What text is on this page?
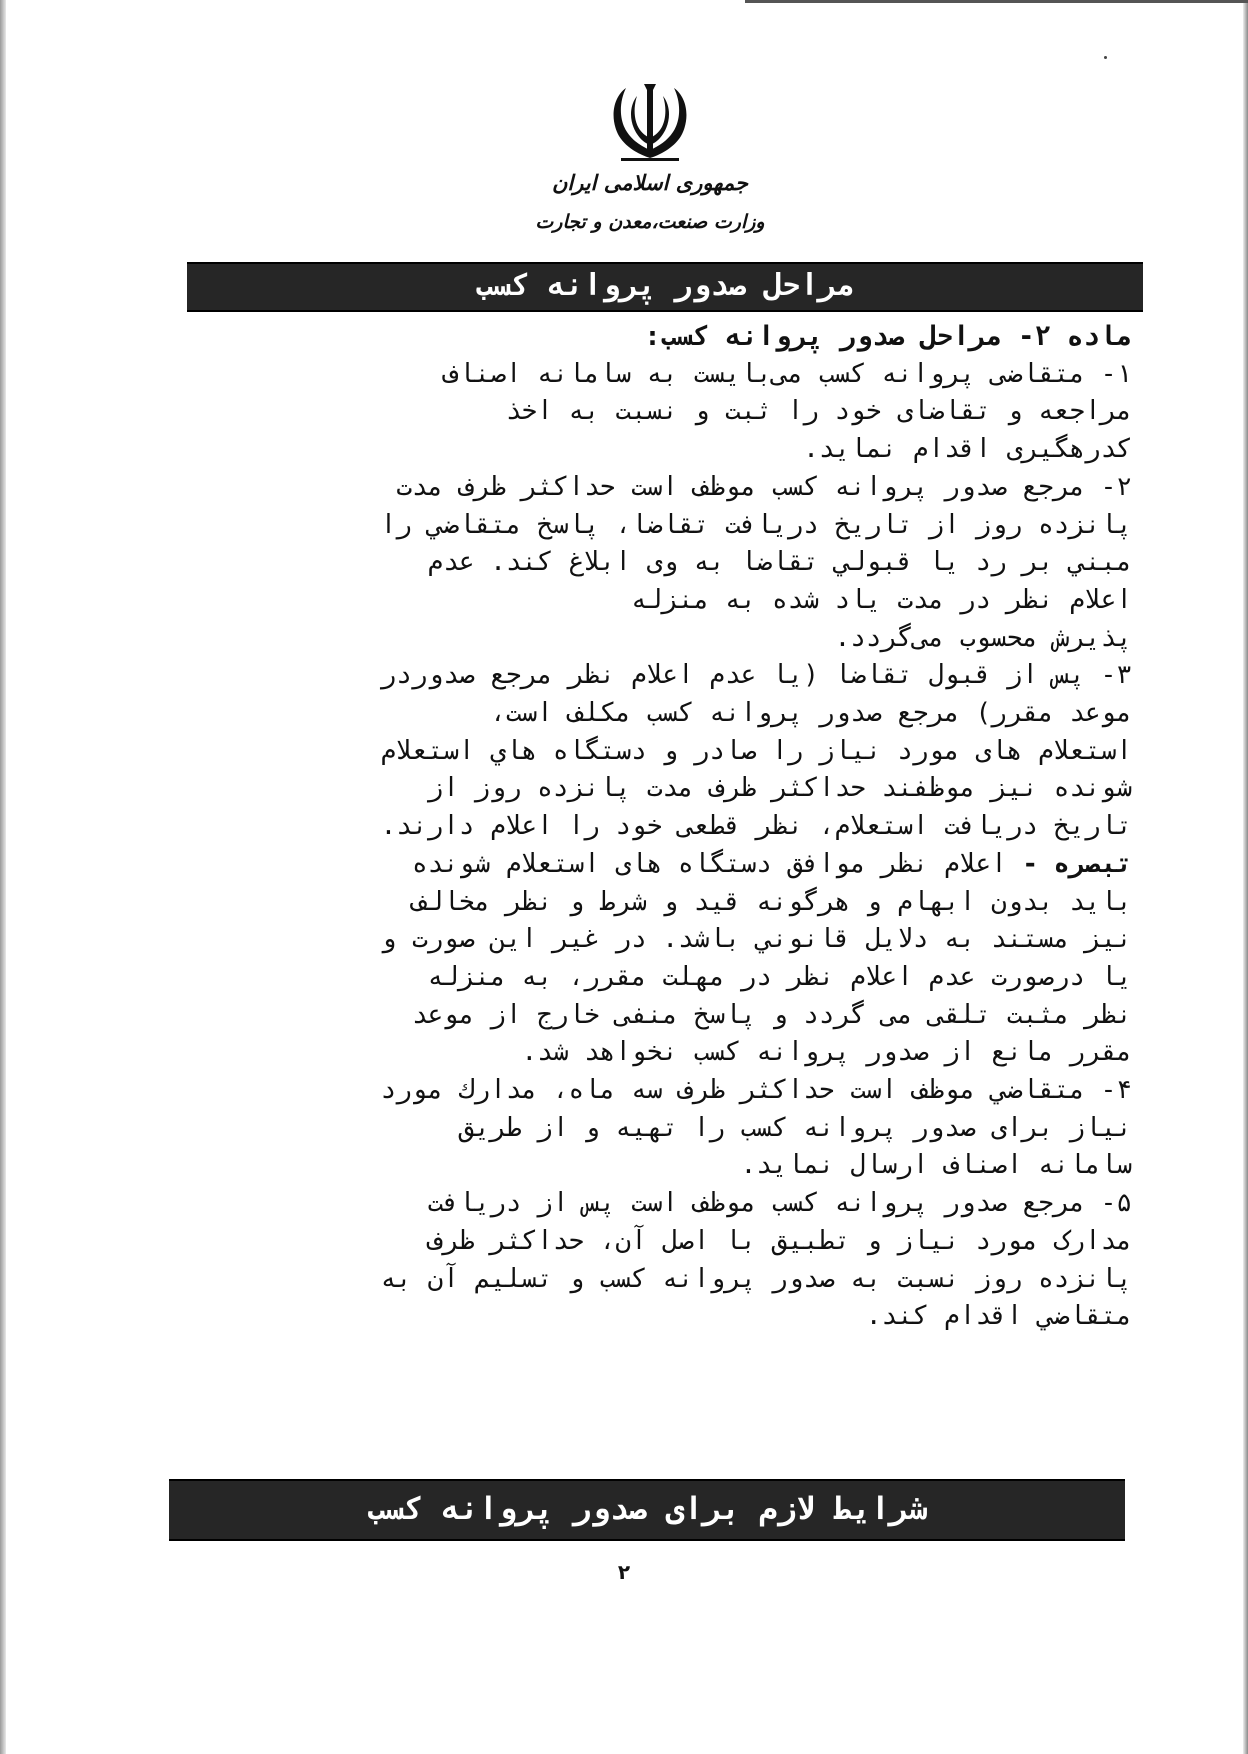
جمهوری اسلامی ایران
وزارت صنعت،معدن و تجارت
مراحل صدور پروانه کسب
ماده ۲- مراحل صدور پروانه کسب:
۱- متقاضی پروانه کسب می‌بایست به سامانه اصناف
مراجعه و تقاضای خود را ثبت و نسبت به اخذ
کدرهگیری اقدام نماید.
۲- مرجع صدور پروانه کسب موظف است حداکثر ظرف مدت
پانزده روز از تاریخ دریافت تقاضا، پاسخ متقاضي را
مبني بر رد يا قبولي تقاضا به وی ابلاغ کند. عدم
اعلام نظر در مدت یاد شده به منزله
پذیرش محسوب می‌گردد.
۳- پس از قبول تقاضا (یا عدم اعلام نظر مرجع صدوردر
موعد مقرر) مرجع صدور پروانه کسب مکلف است،
استعلام های مورد نیاز را صادر و دستگاه هاي استعلام
شونده نیز موظفند حداکثر ظرف مدت پانزده روز از
تاریخ دریافت استعلام، نظر قطعی خود را اعلام دارند.
تبصره - اعلام نظر موافق دستگاه های استعلام شونده
باید بدون ابهام و هرگونه قید و شرط و نظر مخالف
نیز مستند به دلایل قانوني باشد. در غیر این صورت و
یا درصورت عدم اعلام نظر در مهلت مقرر، به منزله
نظر مثبت تلقی می گردد و پاسخ منفی خارج از موعد
مقرر مانع از صدور پروانه کسب نخواهد شد.
۴- متقاضي موظف است حداکثر ظرف سه ماه، مدارك مورد
نیاز برای صدور پروانه کسب را تهیه و از طریق
سامانه اصناف ارسال نماید.
۵- مرجع صدور پروانه کسب موظف است پس از دریافت
مدارک مورد نیاز و تطبیق با اصل آن، حداکثر ظرف
پانزده روز نسبت به صدور پروانه کسب و تسلیم آن به
متقاضي اقدام کند.
شرایط لازم برای صدور پروانه کسب
۲
